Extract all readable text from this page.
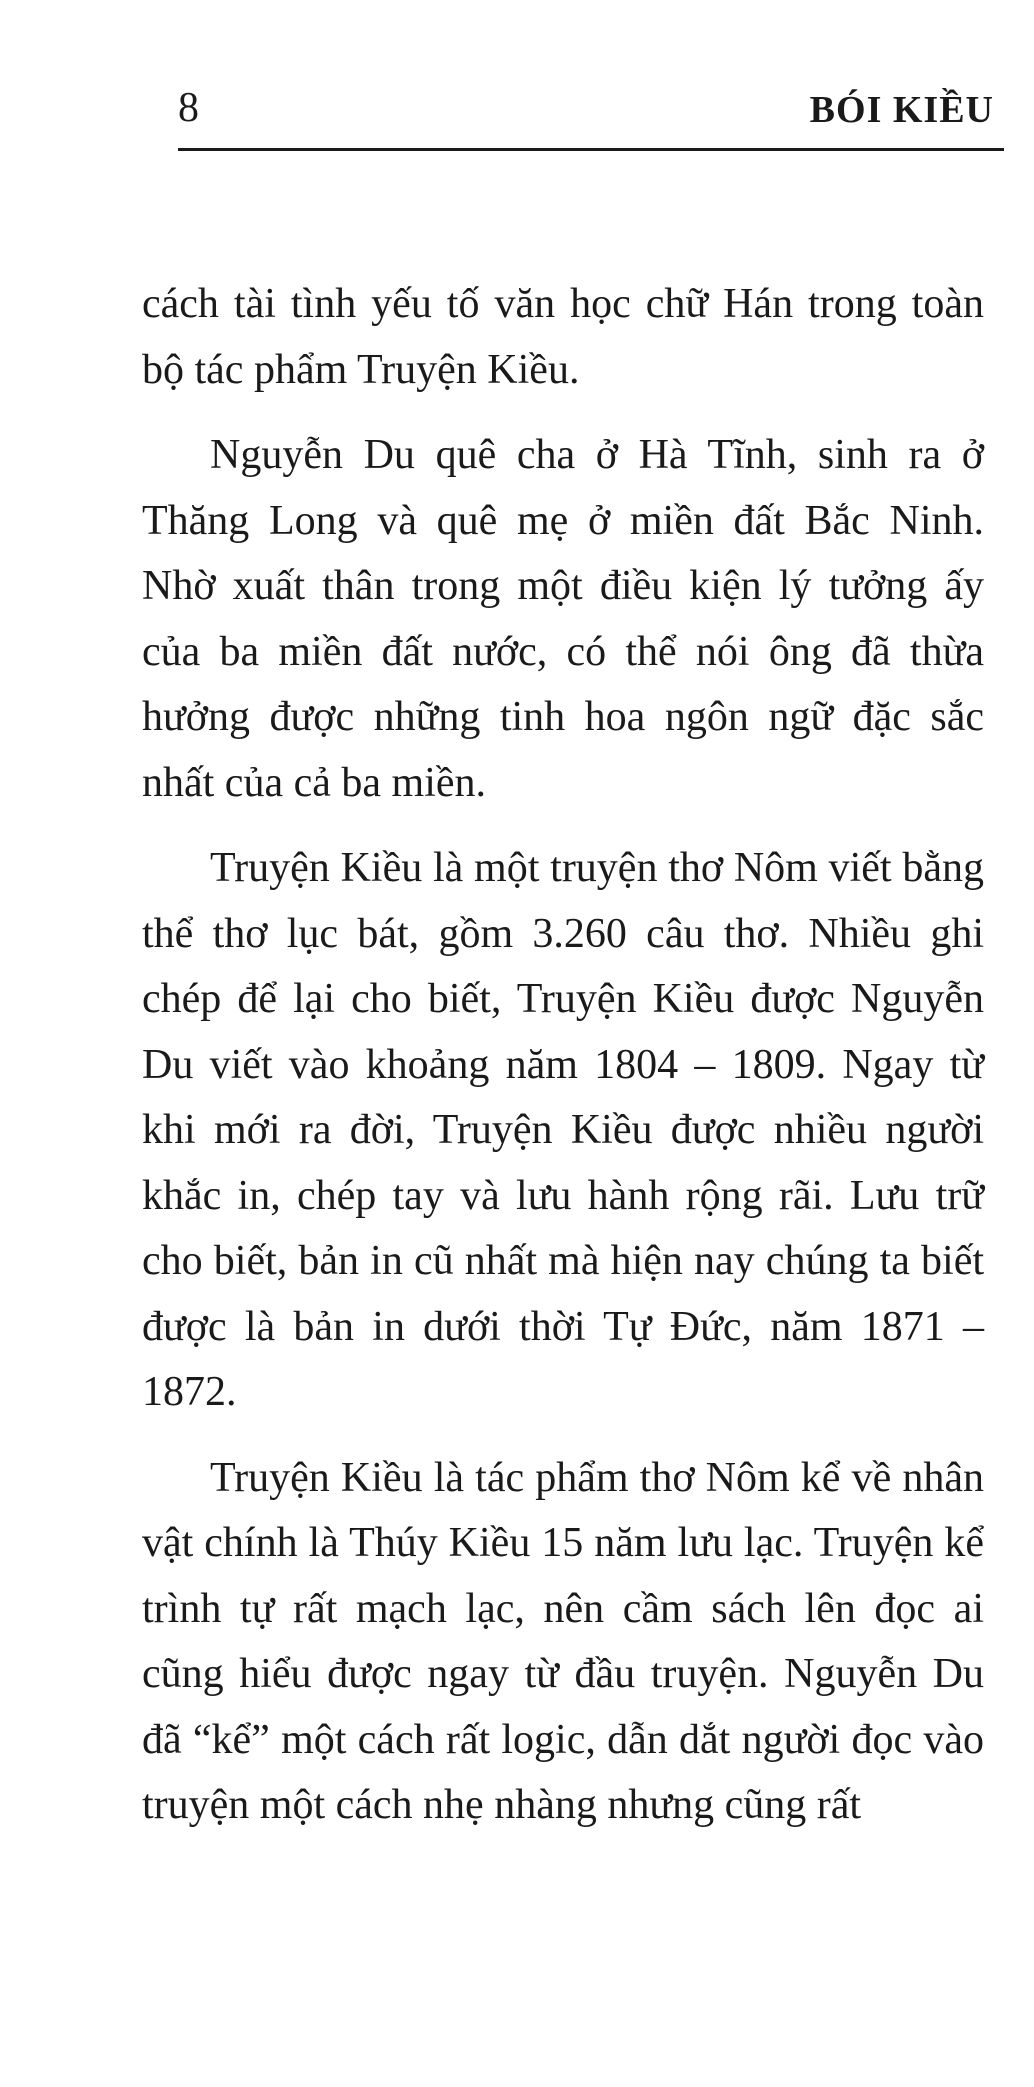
8	BÓI KIỀU

cách tài tình yếu tố văn học chữ Hán trong toàn bộ tác phẩm Truyện Kiều.

Nguyễn Du quê cha ở Hà Tĩnh, sinh ra ở Thăng Long và quê mẹ ở miền đất Bắc Ninh. Nhờ xuất thân trong một điều kiện lý tưởng ấy của ba miền đất nước, có thể nói ông đã thừa hưởng được những tinh hoa ngôn ngữ đặc sắc nhất của cả ba miền.

Truyện Kiều là một truyện thơ Nôm viết bằng thể thơ lục bát, gồm 3.260 câu thơ. Nhiều ghi chép để lại cho biết, Truyện Kiều được Nguyễn Du viết vào khoảng năm 1804 – 1809. Ngay từ khi mới ra đời, Truyện Kiều được nhiều người khắc in, chép tay và lưu hành rộng rãi. Lưu trữ cho biết, bản in cũ nhất mà hiện nay chúng ta biết được là bản in dưới thời Tự Đức, năm 1871 – 1872.

Truyện Kiều là tác phẩm thơ Nôm kể về nhân vật chính là Thúy Kiều 15 năm lưu lạc. Truyện kể trình tự rất mạch lạc, nên cầm sách lên đọc ai cũng hiểu được ngay từ đầu truyện. Nguyễn Du đã “kể” một cách rất logic, dẫn dắt người đọc vào truyện một cách nhẹ nhàng nhưng cũng rất
